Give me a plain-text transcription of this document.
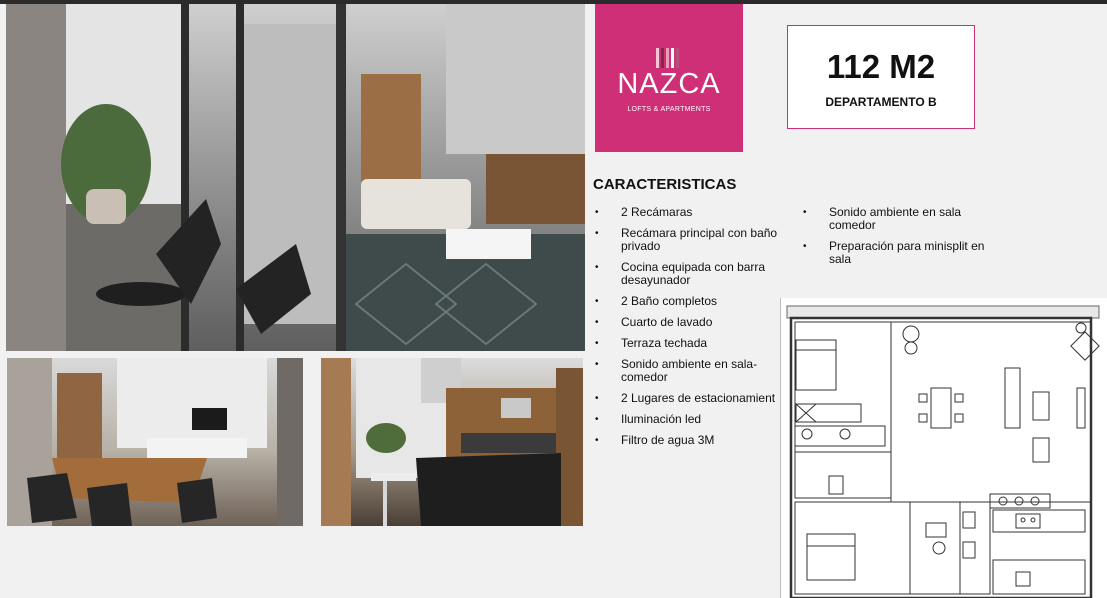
NAZCA
LOFTS & APARTMENTS
112 M2
DEPARTAMENTO B
CARACTERISTICAS
• 2 Recámaras
• Recámara principal con baño privado
• Cocina equipada con barra desayunador
• 2 Baño completos
• Cuarto de lavado
• Terraza techada
• Sonido ambiente en sala-comedor
• 2 Lugares de estacionamient
• Iluminación led
• Filtro de agua 3M
• Sonido ambiente en sala comedor
• Preparación para minisplit en sala
